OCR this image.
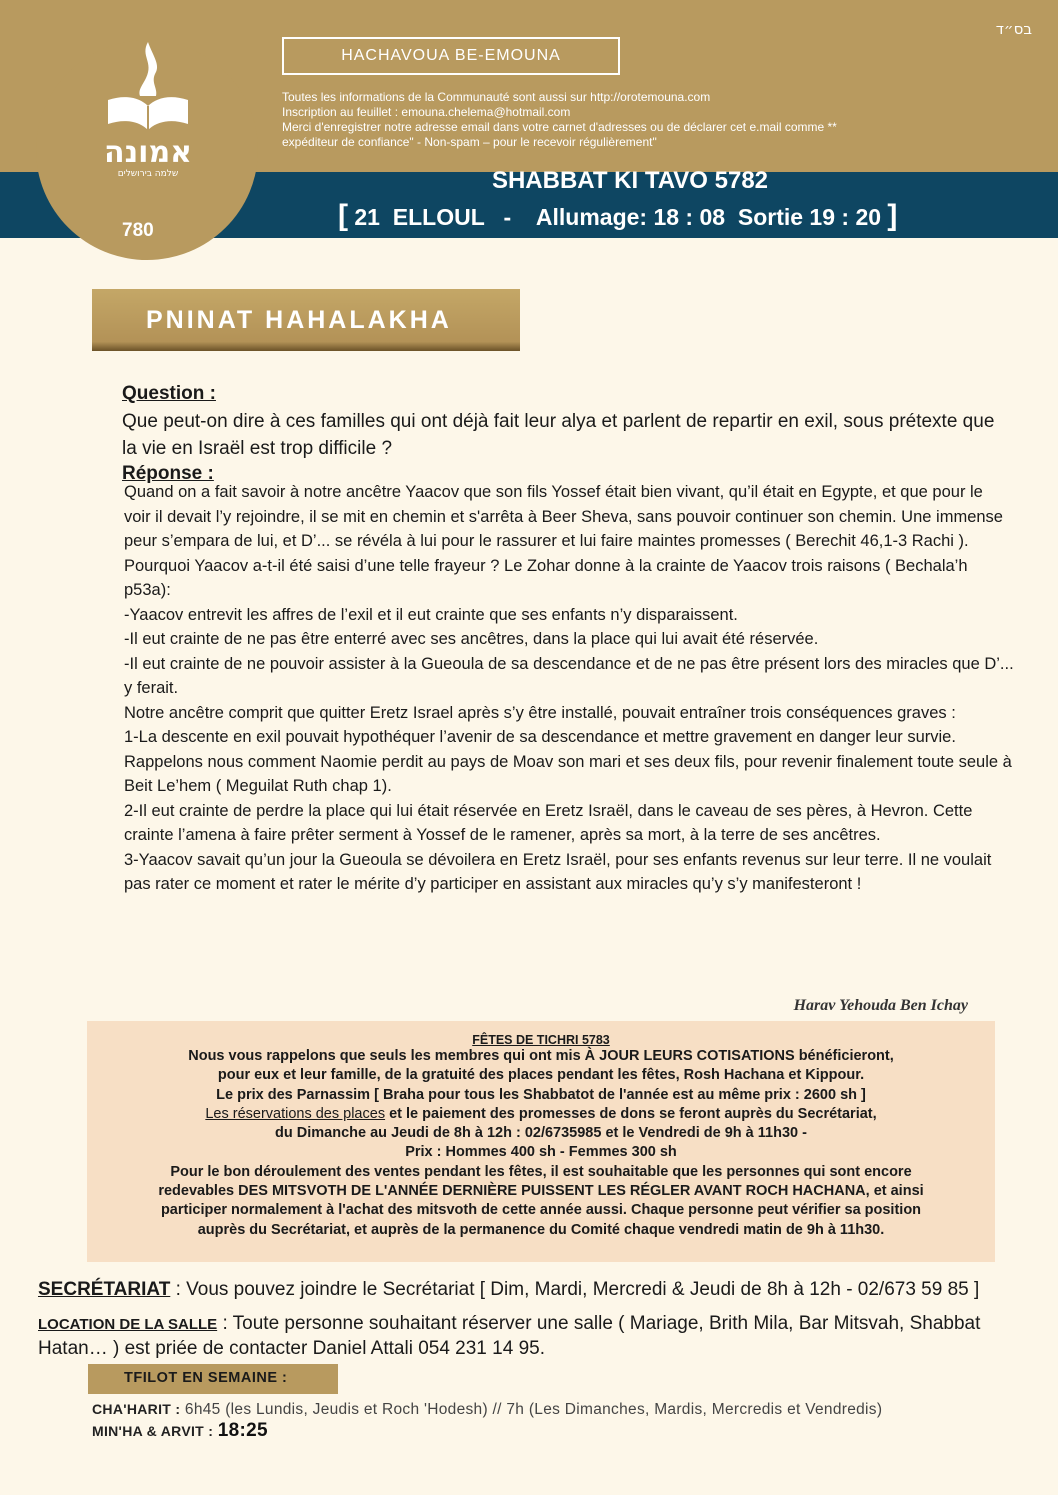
בס״ד
אמונה
שלמה בירושלים
780
HACHAVOUA BE-EMOUNA
Toutes les informations de la Communauté sont aussi sur http://orotemouna.com
Inscription au feuillet : emouna.chelema@hotmail.com
Merci d'enregistrer notre adresse email dans votre carnet d'adresses ou de déclarer cet e.mail comme **
expéditeur de confiance" - Non-spam – pour le recevoir régulièrement"
SHABBAT KI TAVO 5782
[ 21  ELLOUL - Allumage: 18 : 08  Sortie 19 : 20 ]
PNINAT HAHALAKHA
Question :
Que peut-on dire à ces familles qui ont déjà fait leur alya et parlent de repartir en exil, sous prétexte que la vie en Israël est trop difficile ?
Réponse :
Quand on a fait savoir à notre ancêtre Yaacov que son fils Yossef était bien vivant, qu’il était en Egypte, et que pour le voir il devait l’y rejoindre, il se mit en chemin et s'arrêta à Beer Sheva, sans pouvoir continuer son chemin. Une immense peur s’empara de lui, et D’... se révéla à lui pour le rassurer et lui faire maintes promesses ( Berechit 46,1-3 Rachi ). Pourquoi Yaacov a-t-il été saisi d’une telle frayeur ? Le Zohar donne à la crainte de Yaacov trois raisons ( Bechala’h p53a):
-Yaacov entrevit les affres de l’exil et il eut crainte que ses enfants n’y disparaissent.
-Il eut crainte de ne pas être enterré avec ses ancêtres, dans la place qui lui avait été réservée.
-Il eut crainte de ne pouvoir assister à la Gueoula de sa descendance et de ne pas être présent lors des miracles que D’... y ferait.
Notre ancêtre comprit que quitter Eretz Israel après s’y être installé, pouvait entraîner trois conséquences graves :
1-La descente en exil pouvait hypothéquer l’avenir de sa descendance et mettre gravement en danger leur survie. Rappelons nous comment Naomie perdit au pays de Moav son mari et ses deux fils, pour revenir finalement toute seule à Beit Le’hem ( Meguilat Ruth chap 1).
2-Il eut crainte de perdre la place qui lui était réservée en Eretz Israël, dans le caveau de ses pères, à Hevron. Cette crainte l’amena à faire prêter serment à Yossef de le ramener, après sa mort, à la terre de ses ancêtres.
3-Yaacov savait qu’un jour la Gueoula se dévoilera en Eretz Israël, pour ses enfants revenus sur leur terre. Il ne voulait pas rater ce moment et rater le mérite d’y participer en assistant aux miracles qu’y s’y manifesteront !
Harav Yehouda Ben Ichay
FÊTES DE TICHRI 5783
Nous vous rappelons que seuls les membres qui ont mis À JOUR LEURS COTISATIONS bénéficieront,
pour eux et leur famille, de la gratuité des places pendant les fêtes, Rosh Hachana et Kippour.
Le prix des Parnassim [ Braha pour tous les Shabbatot de l'année est au même prix : 2600 sh ]
Les réservations des places et le paiement des promesses de dons se feront auprès du Secrétariat,
du Dimanche au Jeudi de 8h à 12h : 02/6735985 et le Vendredi de 9h à 11h30 -
Prix : Hommes 400 sh - Femmes 300 sh
Pour le bon déroulement des ventes pendant les fêtes, il est souhaitable que les personnes qui sont encore
redevables DES MITSVOTH DE L'ANNÉE DERNIÈRE PUISSENT LES RÉGLER AVANT ROCH HACHANA, et ainsi
participer normalement à l'achat des mitsvoth de cette année aussi. Chaque personne peut vérifier sa position
auprès du Secrétariat, et auprès de la permanence du Comité chaque vendredi matin de 9h à 11h30.
SECRÉTARIAT : Vous pouvez joindre le Secrétariat [ Dim, Mardi, Mercredi & Jeudi de 8h à 12h - 02/673 59 85 ]
LOCATION DE LA SALLE : Toute personne souhaitant réserver une salle ( Mariage, Brith Mila, Bar Mitsvah, Shabbat Hatan… ) est priée de contacter Daniel Attali 054 231 14 95.
TFILOT EN SEMAINE :
CHA'HARIT : 6h45 (les Lundis, Jeudis et Roch 'Hodesh) // 7h (Les Dimanches, Mardis, Mercredis et Vendredis)
MIN'HA & ARVIT : 18:25
